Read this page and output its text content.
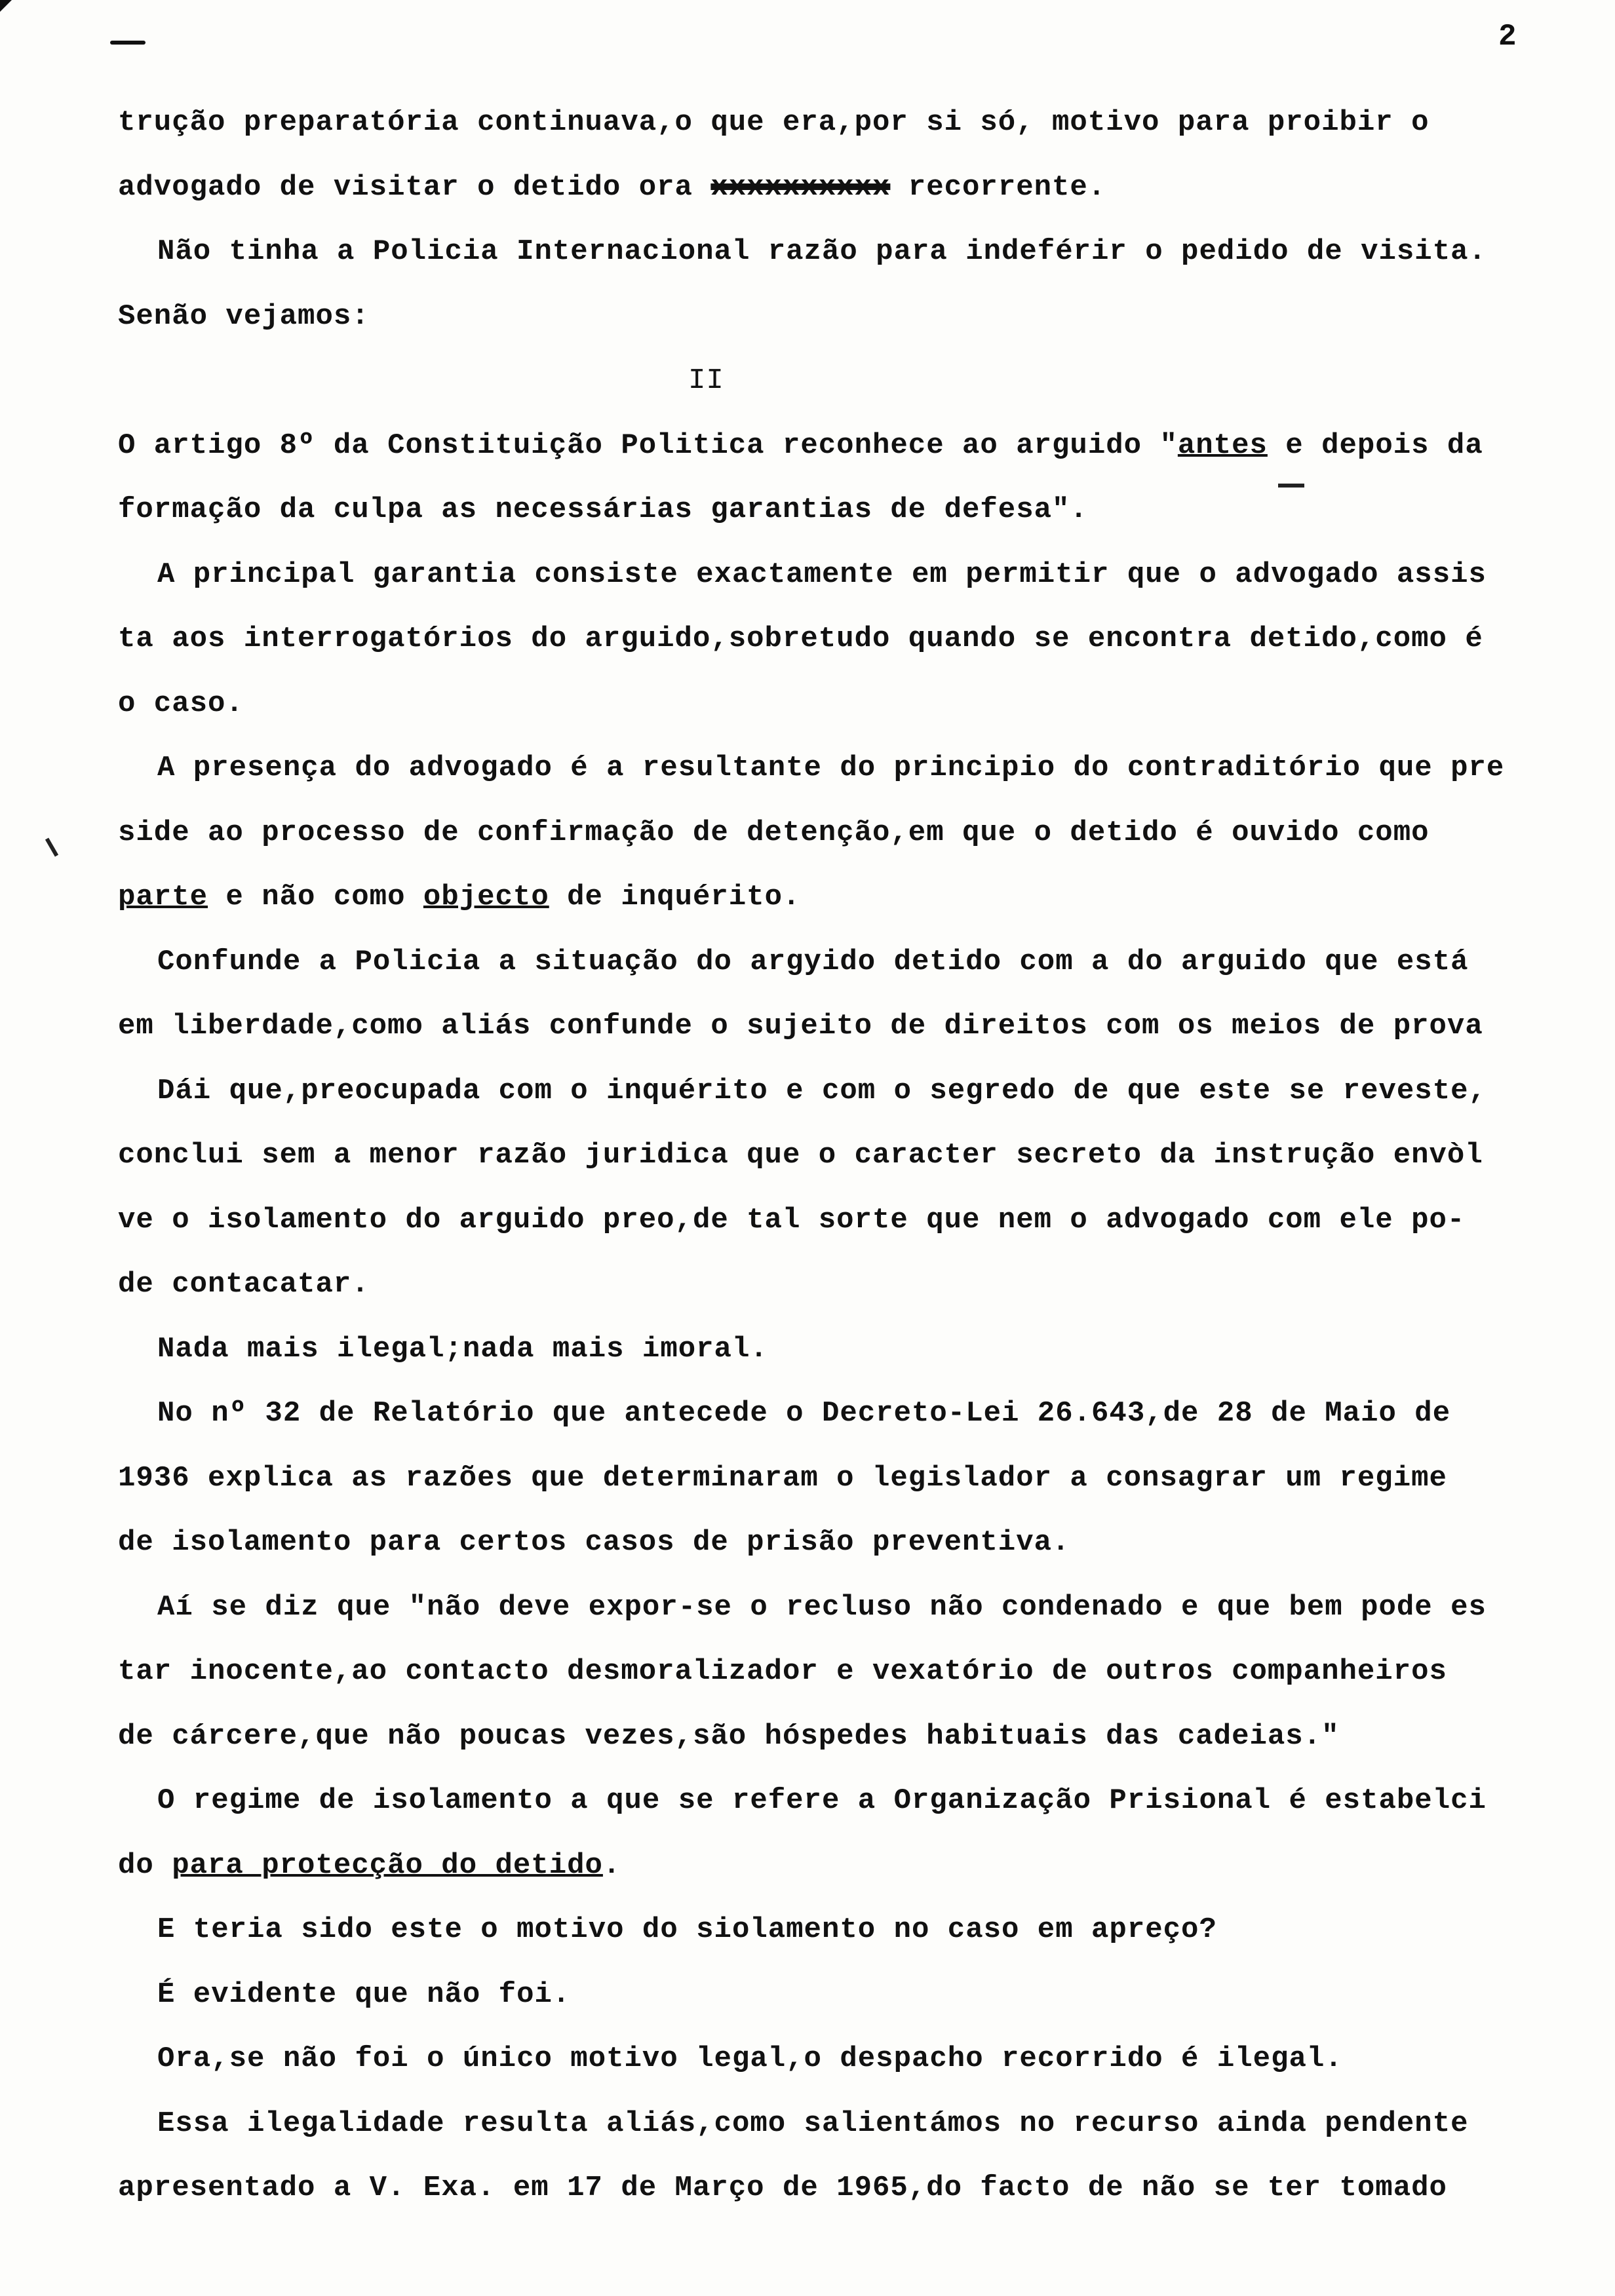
2
trução preparatória continuava,o que era,por si só, motivo para proibir o
advogado de visitar o detido ora xxxxxxxxxx recorrente.
Não tinha a Policia Internacional razão para indeférir o pedido de visita.
Senão vejamos:
II
O artigo 8º da Constituição Politica reconhece ao arguido "antes e depois da
formação da culpa as necessárias garantias de defesa".
A principal garantia consiste exactamente em permitir que o advogado assis
ta aos interrogatórios do arguido,sobretudo quando se encontra detido,como é
o caso.
A presença do advogado é a resultante do principio do contraditório que pre
side ao processo de confirmação de detenção,em que o detido é ouvido como
parte e não como objecto de inquérito.
Confunde a Policia a situação do argyido detido com a do arguido que está
em liberdade,como aliás confunde o sujeito de direitos com os meios de prova
Dái que,preocupada com o inquérito e com o segredo de que este se reveste,
conclui sem a menor razão juridica que o caracter secreto da instrução envòl
ve o isolamento do arguido preo,de tal sorte que nem o advogado com ele po-
de contacatar.
Nada mais ilegal;nada mais imoral.
No nº 32 de Relatório que antecede o Decreto-Lei 26.643,de 28 de Maio de
1936 explica as razões que determinaram o legislador a consagrar um regime
de isolamento para certos casos de prisão preventiva.
Aí se diz que "não deve expor-se o recluso não condenado e que bem pode es
tar inocente,ao contacto desmoralizador e vexatório de outros companheiros
de cárcere,que não poucas vezes,são hóspedes habituais das cadeias."
O regime de isolamento a que se refere a Organização Prisional é estabelci
do para protecção do detido.
E teria sido este o motivo do siolamento no caso em apreço?
É evidente que não foi.
Ora,se não foi o único motivo legal,o despacho recorrido é ilegal.
Essa ilegalidade resulta aliás,como salientámos no recurso ainda pendente
apresentado a V. Exa. em 17 de Março de 1965,do facto de não se ter tomado
